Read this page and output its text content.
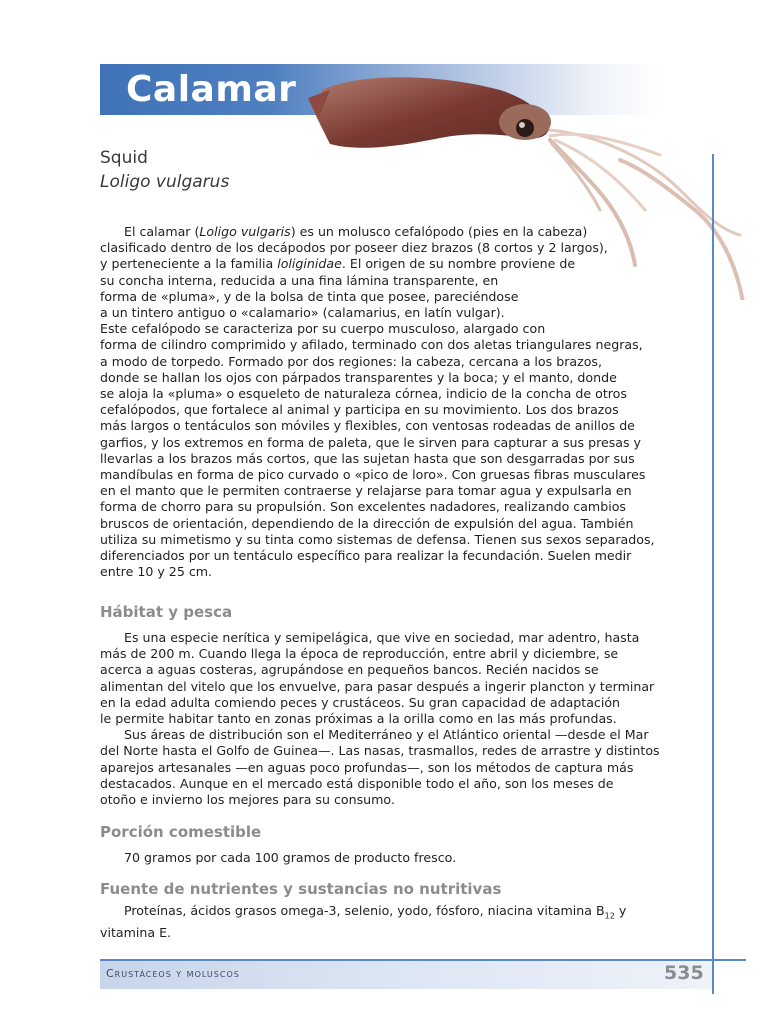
Calamar
Squid
Loligo vulgarus
El calamar (Loligo vulgaris) es un molusco cefalópodo (pies en la cabeza)
clasificado dentro de los decápodos por poseer diez brazos (8 cortos y 2 largos),
y perteneciente a la familia loliginidae. El origen de su nombre proviene de
su concha interna, reducida a una fina lámina transparente, en
forma de «pluma», y de la bolsa de tinta que posee, pareciéndose
a un tintero antiguo o «calamario» (calamarius, en latín vulgar).
Este cefalópodo se caracteriza por su cuerpo musculoso, alargado con
forma de cilindro comprimido y afilado, terminado con dos aletas triangulares negras,
a modo de torpedo. Formado por dos regiones: la cabeza, cercana a los brazos,
donde se hallan los ojos con párpados transparentes y la boca; y el manto, donde
se aloja la «pluma» o esqueleto de naturaleza córnea, indicio de la concha de otros
cefalópodos, que fortalece al animal y participa en su movimiento. Los dos brazos
más largos o tentáculos son móviles y flexibles, con ventosas rodeadas de anillos de
garfios, y los extremos en forma de paleta, que le sirven para capturar a sus presas y
llevarlas a los brazos más cortos, que las sujetan hasta que son desgarradas por sus
mandíbulas en forma de pico curvado o «pico de loro». Con gruesas fibras musculares
en el manto que le permiten contraerse y relajarse para tomar agua y expulsarla en
forma de chorro para su propulsión. Son excelentes nadadores, realizando cambios
bruscos de orientación, dependiendo de la dirección de expulsión del agua. También
utiliza su mimetismo y su tinta como sistemas de defensa. Tienen sus sexos separados,
diferenciados por un tentáculo específico para realizar la fecundación. Suelen medir
entre 10 y 25 cm.
Hábitat y pesca
Es una especie nerítica y semipelágica, que vive en sociedad, mar adentro, hasta
más de 200 m. Cuando llega la época de reproducción, entre abril y diciembre, se
acerca a aguas costeras, agrupándose en pequeños bancos. Recién nacidos se
alimentan del vitelo que los envuelve, para pasar después a ingerir plancton y terminar
en la edad adulta comiendo peces y crustáceos. Su gran capacidad de adaptación
le permite habitar tanto en zonas próximas a la orilla como en las más profundas.
Sus áreas de distribución son el Mediterráneo y el Atlántico oriental —desde el Mar
del Norte hasta el Golfo de Guinea—. Las nasas, trasmallos, redes de arrastre y distintos
aparejos artesanales —en aguas poco profundas—, son los métodos de captura más
destacados. Aunque en el mercado está disponible todo el año, son los meses de
otoño e invierno los mejores para su consumo.
Porción comestible
70 gramos por cada 100 gramos de producto fresco.
Fuente de nutrientes y sustancias no nutritivas
Proteínas, ácidos grasos omega-3, selenio, yodo, fósforo, niacina vitamina $B_{12}$ y
vitamina E.
Crustáceos y moluscos	535
